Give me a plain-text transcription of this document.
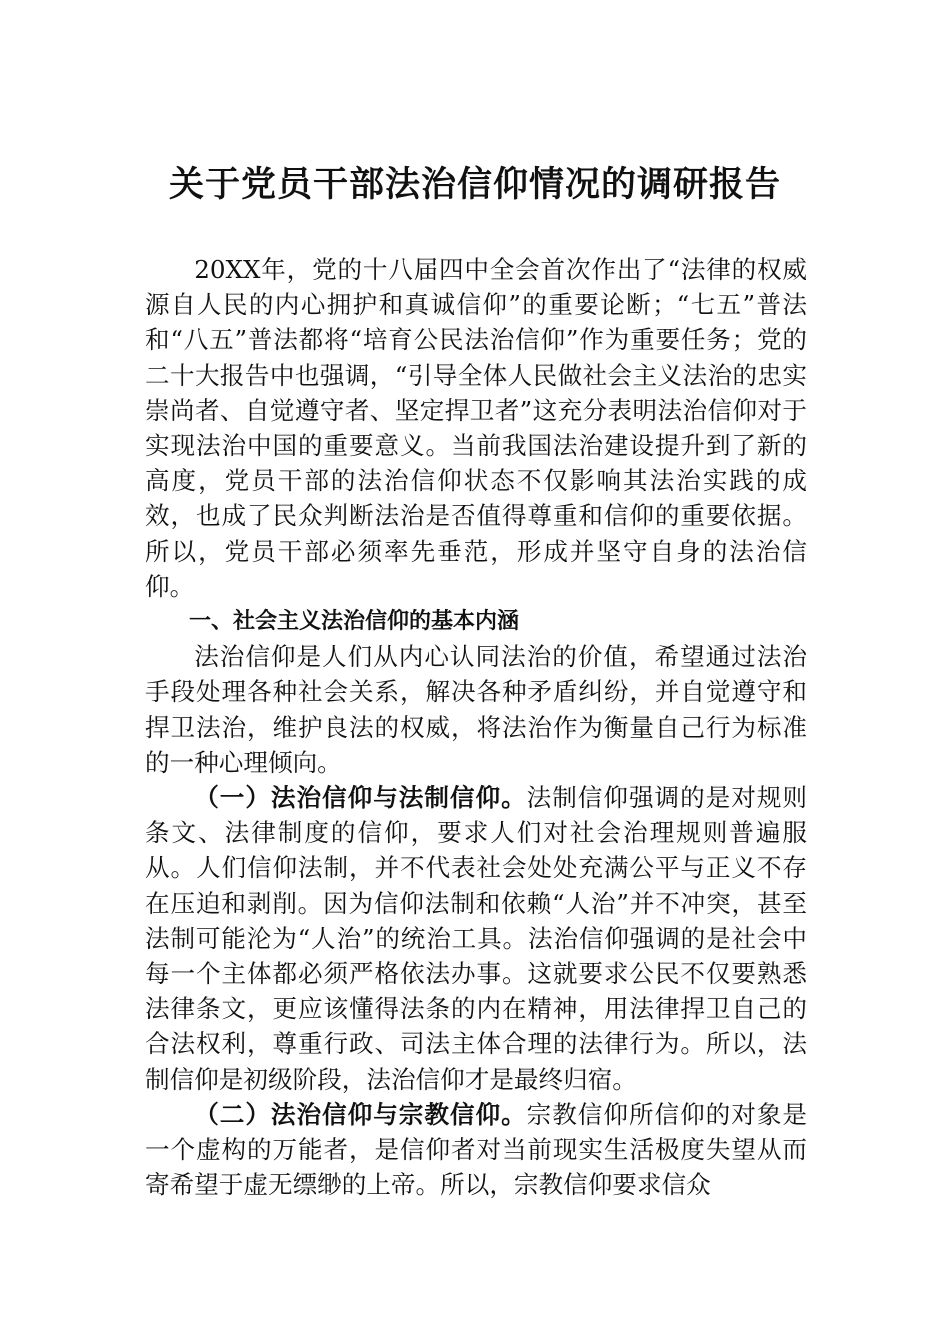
关于党员干部法治信仰情况的调研报告

20XX年，党的十八届四中全会首次作出了“法律的权威源自人民的内心拥护和真诚信仰”的重要论断；“七五”普法和“八五”普法都将“培育公民法治信仰”作为重要任务；党的二十大报告中也强调，“引导全体人民做社会主义法治的忠实崇尚者、自觉遵守者、坚定捍卫者”这充分表明法治信仰对于实现法治中国的重要意义。当前我国法治建设提升到了新的高度，党员干部的法治信仰状态不仅影响其法治实践的成效，也成了民众判断法治是否值得尊重和信仰的重要依据。所以，党员干部必须率先垂范，形成并坚守自身的法治信仰。

一、社会主义法治信仰的基本内涵

法治信仰是人们从内心认同法治的价值，希望通过法治手段处理各种社会关系，解决各种矛盾纠纷，并自觉遵守和捍卫法治，维护良法的权威，将法治作为衡量自己行为标准的一种心理倾向。

（一）法治信仰与法制信仰。法制信仰强调的是对规则条文、法律制度的信仰，要求人们对社会治理规则普遍服从。人们信仰法制，并不代表社会处处充满公平与正义不存在压迫和剥削。因为信仰法制和依赖“人治”并不冲突，甚至法制可能沦为“人治”的统治工具。法治信仰强调的是社会中每一个主体都必须严格依法办事。这就要求公民不仅要熟悉法律条文，更应该懂得法条的内在精神，用法律捍卫自己的合法权利，尊重行政、司法主体合理的法律行为。所以，法制信仰是初级阶段，法治信仰才是最终归宿。

（二）法治信仰与宗教信仰。宗教信仰所信仰的对象是一个虚构的万能者，是信仰者对当前现实生活极度失望从而寄希望于虚无缥缈的上帝。所以，宗教信仰要求信众
